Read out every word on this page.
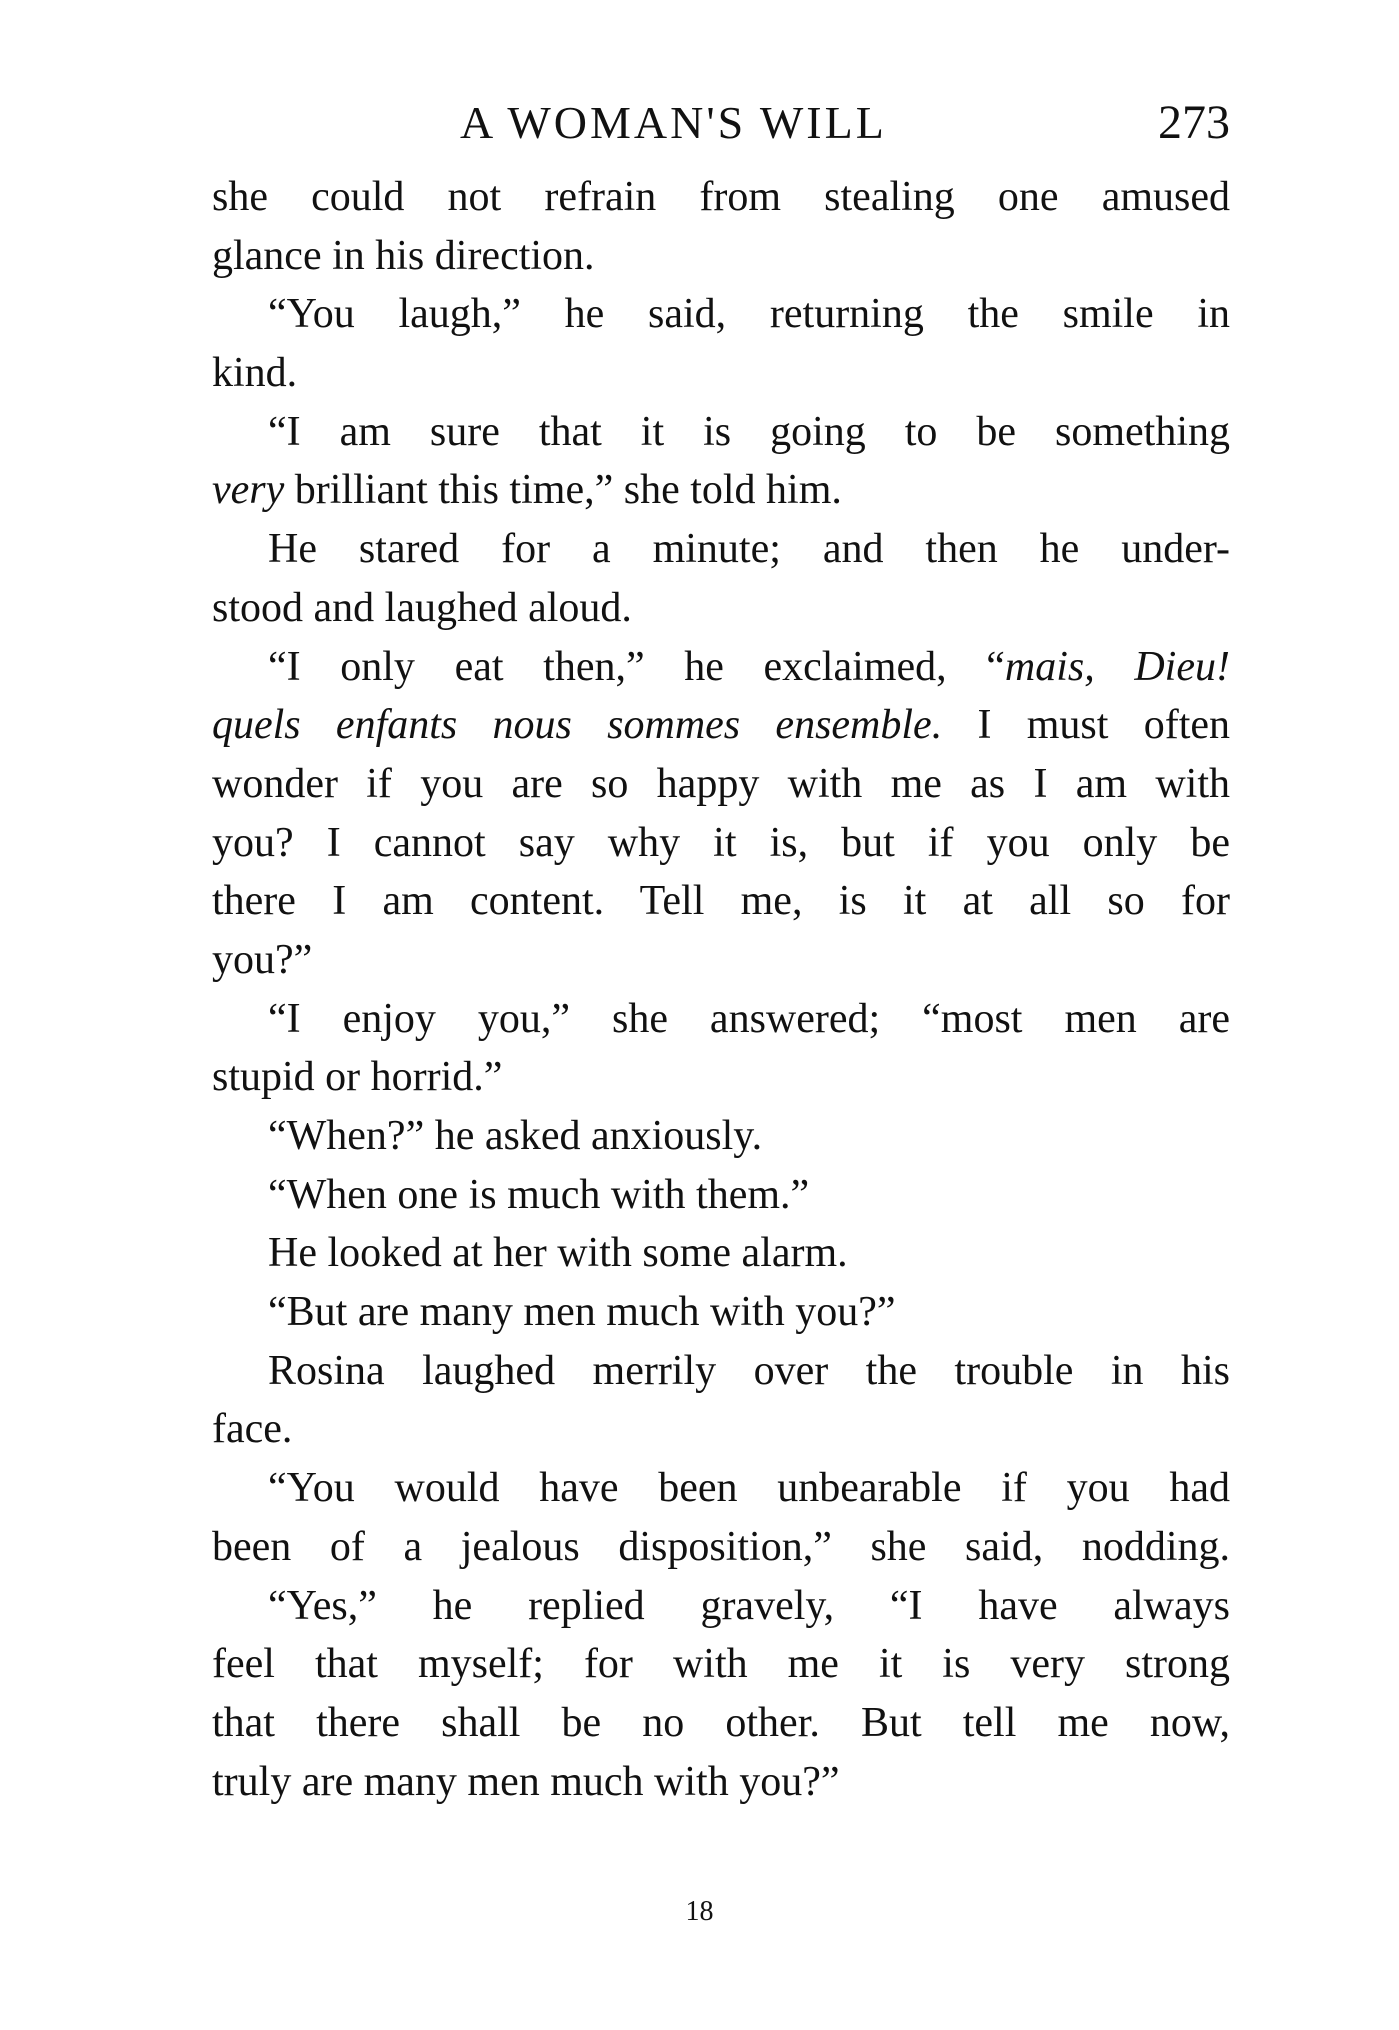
A WOMAN'S WILL	273
she could not refrain from stealing one amused
glance in his direction.
“You laugh,” he said, returning the smile in
kind.
“I am sure that it is going to be something
very brilliant this time,” she told him.
He stared for a minute; and then he under-
stood and laughed aloud.
“I only eat then,” he exclaimed, “mais, Dieu!
quels enfants nous sommes ensemble. I must often
wonder if you are so happy with me as I am with
you? I cannot say why it is, but if you only be
there I am content. Tell me, is it at all so for
you?”
“I enjoy you,” she answered; “most men are
stupid or horrid.”
“When?” he asked anxiously.
“When one is much with them.”
He looked at her with some alarm.
“But are many men much with you?”
Rosina laughed merrily over the trouble in his
face.
“You would have been unbearable if you had
been of a jealous disposition,” she said, nodding.
“Yes,” he replied gravely, “I have always
feel that myself; for with me it is very strong
that there shall be no other. But tell me now,
truly are many men much with you?”
18
